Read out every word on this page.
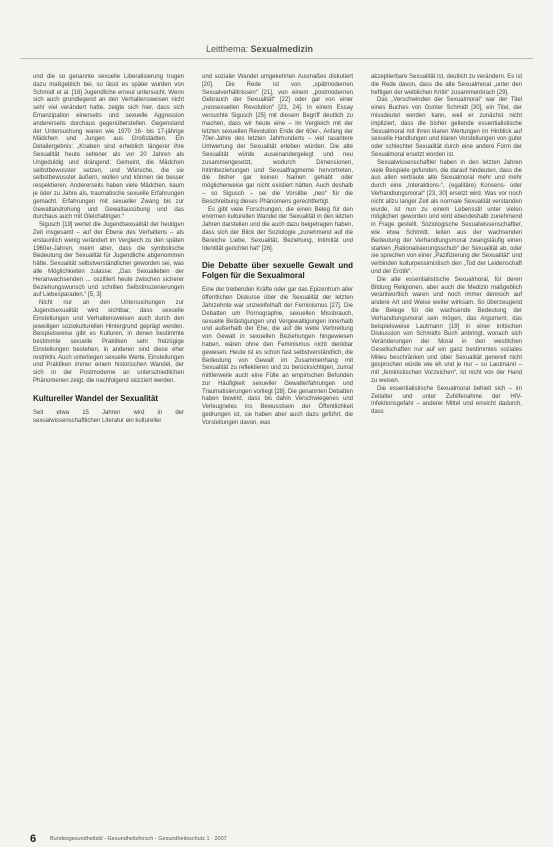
Leitthema: Sexualmedizin

und die so genannte sexuelle Liberalisierung trugen dazu maßgeblich bei, so lässt es später wurden von Schmidt et al. [18] Jugendliche erneut untersucht. Wenn sich auch grundlegend an den Verhaltensweisen nicht sehr viel verändert hatte, zeigte sich hier, dass sich Emanzipation einerseits und sexuelle Aggression andererseits durchaus gegenüberstellen. Gegenstand der Untersuchung waren wie 1970 16- bis 17-jährige Mädchen und Jungen aus Großstädten. Ein Detailergebnis: „Knaben sind erheblich längerer ihre Sexualität heute seltener als vor 20 Jahren als Ungeduldig und drängend; Gemeint, die Mädchen selbstbewusster setzen, und Wünsche, die sie selbstbewusster äußern, wollen und können sie besser respektieren. Andererseits haben viele Mädchen, kaum je öder zu Jahre als, traumatische sexuelle Erfahrungen gemacht. Erfahrungen mit sexueller Zwang bis zur Gewaltandrohung und Gewaltausübung und das durchaus auch mit Gleichaltrigen.“

Sigusch [19] wertet die Jugendsexualität der heutigen Zeit insgesamt – auf der Ebene des Verhaltens – als erstaunlich wenig verändert im Vergleich zu den späten 1960er-Jahren, meint aber, dass die symbolische Bedeutung der Sexualität für Jugendliche abgenommen hätte. Sexualität selbstverständlicher geworden sei, was alle Möglichkeiten zulasse: „Das Sexualleben der Heranwachsenden ... oszilliert heute zwischen sicherer Beziehungswunsch und schrillen Selbstinszenierungen auf Liebesparaden.“ [5, 3]

Nicht nur an den Untersuchungen zur Jugendsexualität wird sichtbar, dass sexuelle Einstellungen und Verhaltensweisen auch durch den jeweiligen soziokulturellen Hintergrund geprägt werden. Beispielsweise gibt es Kulturen, in denen bestimmte bestimmte sexuelle Praktiken sehr freizügige Einstellungen bestehen, in anderen sind diese eher restriktiv. Auch unterliegen sexuelle Werte, Einstellungen und Praktiken immer einem historischen Wandel, der sich in der Postmoderne an unterschiedlichen Phänomenen zeigt, die nachfolgend skizziert werden.

Kultureller Wandel der Sexualität

Seit etwa 15 Jahren wird in der sexualwissenschaftlichen Literatur ein kultureller

und sozialer Wandel umgekehrten Ausmaßes diskutiert [20]. Die Rede ist von „spätmodernen Sexualverhältnissen“ [21], von einem „postmodernen Gebrauch der Sexualität“ [22] oder gar von einer „neosexuellen Revolution“ [23, 24]. In einem Essay versuchte Sigusch [25] mit diesem Begriff deutlich zu machen, dass wir heute eine – im Vergleich mit der letzten sexuellen Revolution Ende der 60er-, Anfang der 70er-Jahre des letzten Jahrhunderts – viel rasantere Umwertung der Sexualität erleben würden. Die alte Sexualität würde auseinandergelegt und neu zusammengesetzt, wodurch Dimensionen, Intimbeziehungen und Sexualfragmente hervortreten, die bisher gar keinen Namen gehabt oder möglicherweise gar nicht existiert hätten. Auch deshalb – so Sigusch – sei die Vorsilbe „neo“ für die Beschreibung dieses Phänomens gerechtfertigt.

Es gibt viele Forschungen, die einen Beleg für den enormen kulturellen Wandel der Sexualität in den letzten Jahren darstellen und die auch dazu beigetragen haben, dass sich der Blick der Soziologie „zunehmend auf die Bereiche Liebe, Sexualität, Beziehung, Intimität und Identität gerichtet hat“ [26].

Die Debatte über sexuelle Gewalt und Folgen für die Sexualmoral

Eine der treibenden Kräfte oder gar das Epizentrum aller öffentlichen Diskurse über die Sexualität der letzten Jahrzehnte war unzweifelhaft der Feminismus [27]. Die Debatten um Pornographie, sexuellen Missbrauch, sexuelle Belästigungen und Vergewaltigungen innerhalb und außerhalb der Ehe, die auf die weite Verbreitung von Gewalt in sexuellen Beziehungen hingewiesen haben, wären ohne den Feminismus nicht denkbar gewesen. Heute ist es schon fast selbstverständlich, die Bedeutung von Gewalt im Zusammenhang mit Sexualität zu reflektieren und zu berücksichtigen, zumal mittlerweile auch eine Fülle an empirischen Befunden zur Häufigkeit sexueller Gewalterfahrungen und Traumatisierungen vorliegt [28]. Die genannten Debatten haben bewirkt, dass bis dahin Verschwiegenes und Verleugnetes ins Bewusstsein der Öffentlichkeit gedrungen ist, sie haben aber auch dazu geführt, die Vorstellungen davon, was

akzeptierbare Sexualität ist, deutlich zu verändern. Es ist die Rede davon, dass die alte Sexualmoral „unter den heftigen der weiblichen Kritik“ zusammenbrach [29].

Das „Verschwinden der Sexualmoral“ war der Titel eines Buches von Gunter Schmidt [30], ein Titel, der missdeutet werden kann, weil er zunächst nicht impliziert, dass die bisher geltende essentialistische Sexualmoral mit ihren klaren Wertungen im Hinblick auf sexuelle Handlungen und klaren Vorstellungen von guter oder schlechter Sexualität durch eine andere Form der Sexualmoral ersetzt worden ist.

Sexualwissenschaftler haben in den letzten Jahren viele Beispiele gefunden, die darauf hindeuten, dass die aus allen vertraute alte Sexualmoral mehr und mehr durch eine „Interaktions-“, (egalitäre) Konsens- oder Verhandlungsmoral“ [23, 30] ersetzt wird. Was vor noch nicht allzu langer Zeit als normale Sexualität verstanden wurde, ist nun zu einem Lebensstil unter vielen möglichen geworden und wird ebendeshalb zunehmend in Frage gestellt. Soziologische Sexualwissenschaftler, wie etwa Schmidt, leiten aus der wachsenden Bedeutung der Verhandlungsmoral zwangsläufig einen starken „Rationalisierungsschub“ der Sexualität ab, oder sie sprechen von einer „Pazifizierung der Sexualität“ und verbinden kulturpessimistisch den „Tod der Leidenschaft und der Erotik“.

Die alte essentialistische Sexualmoral, für deren Bildung Religionen, aber auch die Medizin maßgeblich verantwortlich waren und noch immer dennoch auf andere Art und Weise weiter wirksam. So überzeugend die Belege für die wachsende Bedeutung der Verhandlungsmoral sein mögen, das Argument, das beispielsweise Lautmann [19] in einer kritischen Diskussion von Schmidts Buch anbringt, wonach sich Veränderungen der Moral in den westlichen Gesellschaften nur auf ein ganz bestimmtes soziales Milieu beschränken und über Sexualität generell nicht gesprochen würde wie eh und je nur – so Lautmann – mit „feministischen Vorzeichen“, ist nicht von der Hand zu weisen.

Die essentialistische Sexualmoral behielt sich – im Zeitalter und unter Zuhilfenahme der HIV-Infektionsgefahr – anderer Mittel und erreicht dadurch, dass

6	Bundesgesundheitsbl - Gesundheitsforsch - Gesundheitsschutz 1 · 2007
